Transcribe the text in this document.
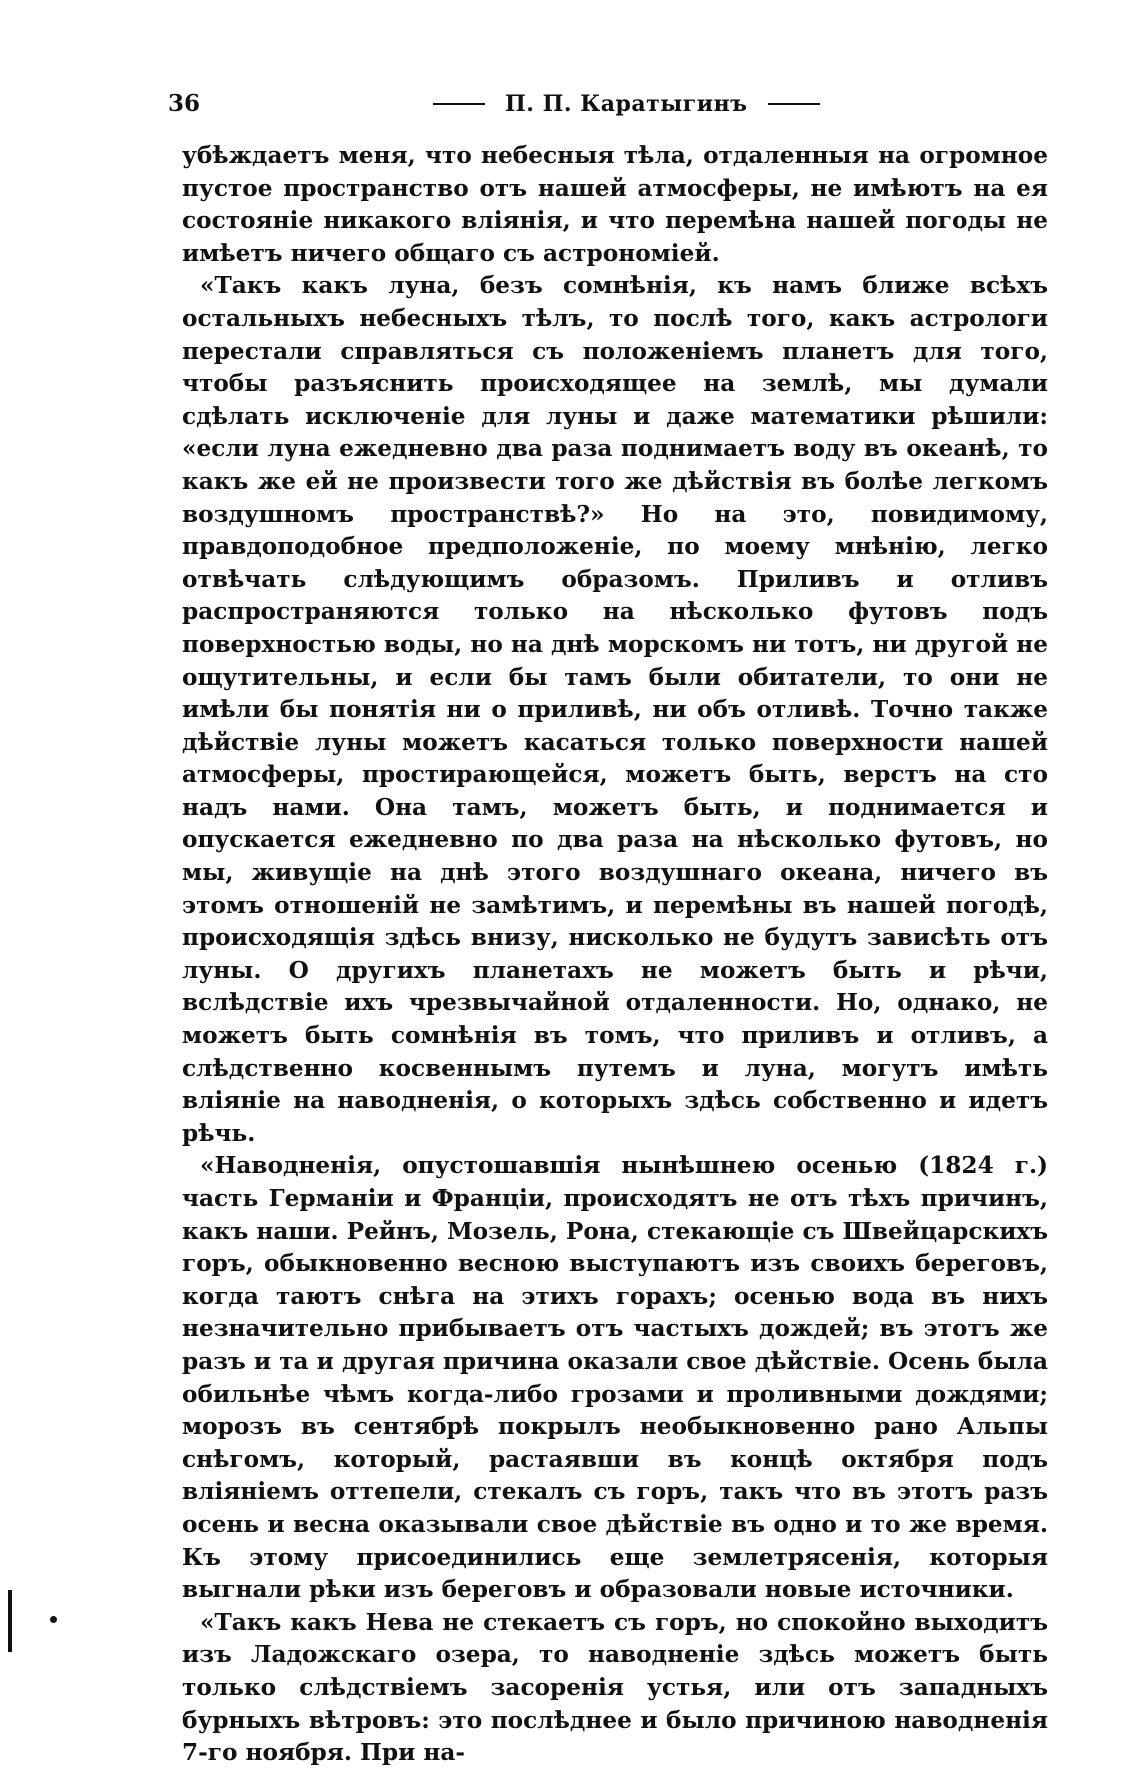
36	П. П. Каратыгинъ

убѣждаетъ меня, что небесныя тѣла, отдаленныя на огромное пустое пространство отъ нашей атмосферы, не имѣютъ на ея состояніе никакого вліянія, и что перемѣна нашей погоды не имѣетъ ничего общаго съ астрономіей.

«Такъ какъ луна, безъ сомнѣнія, къ намъ ближе всѣхъ остальныхъ небесныхъ тѣлъ, то послѣ того, какъ астрологи перестали справляться съ положеніемъ планетъ для того, чтобы разъяснить происходящее на землѣ, мы думали сдѣлать исключеніе для луны и даже математики рѣшили: «если луна ежедневно два раза поднимаетъ воду въ океанѣ, то какъ же ей не произвести того же дѣйствія въ болѣе легкомъ воздушномъ пространствѣ?» Но на это, повидимому, правдоподобное предположеніе, по моему мнѣнію, легко отвѣчать слѣдующимъ образомъ. Приливъ и отливъ распространяются только на нѣсколько футовъ подъ поверхностью воды, но на днѣ морскомъ ни тотъ, ни другой не ощутительны, и если бы тамъ были обитатели, то они не имѣли бы понятія ни о приливѣ, ни объ отливѣ. Точно также дѣйствіе луны можетъ касаться только поверхности нашей атмосферы, простирающейся, можетъ быть, верстъ на сто надъ нами. Она тамъ, можетъ быть, и поднимается и опускается ежедневно по два раза на нѣсколько футовъ, но мы, живущіе на днѣ этого воздушнаго океана, ничего въ этомъ отношеній не замѣтимъ, и перемѣны въ нашей погодѣ, происходящія здѣсь внизу, нисколько не будутъ зависѣть отъ луны. О другихъ планетахъ не можетъ быть и рѣчи, вслѣдствіе ихъ чрезвычайной отдаленности. Но, однако, не можетъ быть сомнѣнія въ томъ, что приливъ и отливъ, а слѣдственно косвеннымъ путемъ и луна, могутъ имѣть вліяніе на наводненія, о которыхъ здѣсь собственно и идетъ рѣчь.

«Наводненія, опустошавшія нынѣшнею осенью (1824 г.) часть Германіи и Франціи, происходятъ не отъ тѣхъ причинъ, какъ наши. Рейнъ, Мозель, Рона, стекающіе съ Швейцарскихъ горъ, обыкновенно весною выступаютъ изъ своихъ береговъ, когда таютъ снѣга на этихъ горахъ; осенью вода въ нихъ незначительно прибываетъ отъ частыхъ дождей; въ этотъ же разъ и та и другая причина оказали свое дѣйствіе. Осень была обильнѣе чѣмъ когда-либо грозами и проливными дождями; морозъ въ сентябрѣ покрылъ необыкновенно рано Альпы снѣгомъ, который, растаявши въ концѣ октября подъ вліяніемъ оттепели, стекалъ съ горъ, такъ что въ этотъ разъ осень и весна оказывали свое дѣйствіе въ одно и то же время. Къ этому присоединились еще землетрясенія, которыя выгнали рѣки изъ береговъ и образовали новые источники.

«Такъ какъ Нева не стекаетъ съ горъ, но спокойно выходитъ изъ Ладожскаго озера, то наводненіе здѣсь можетъ быть только слѣдствіемъ засоренія устья, или отъ западныхъ бурныхъ вѣтровъ: это послѣднее и было причиною наводненія 7-го ноября. При на-
